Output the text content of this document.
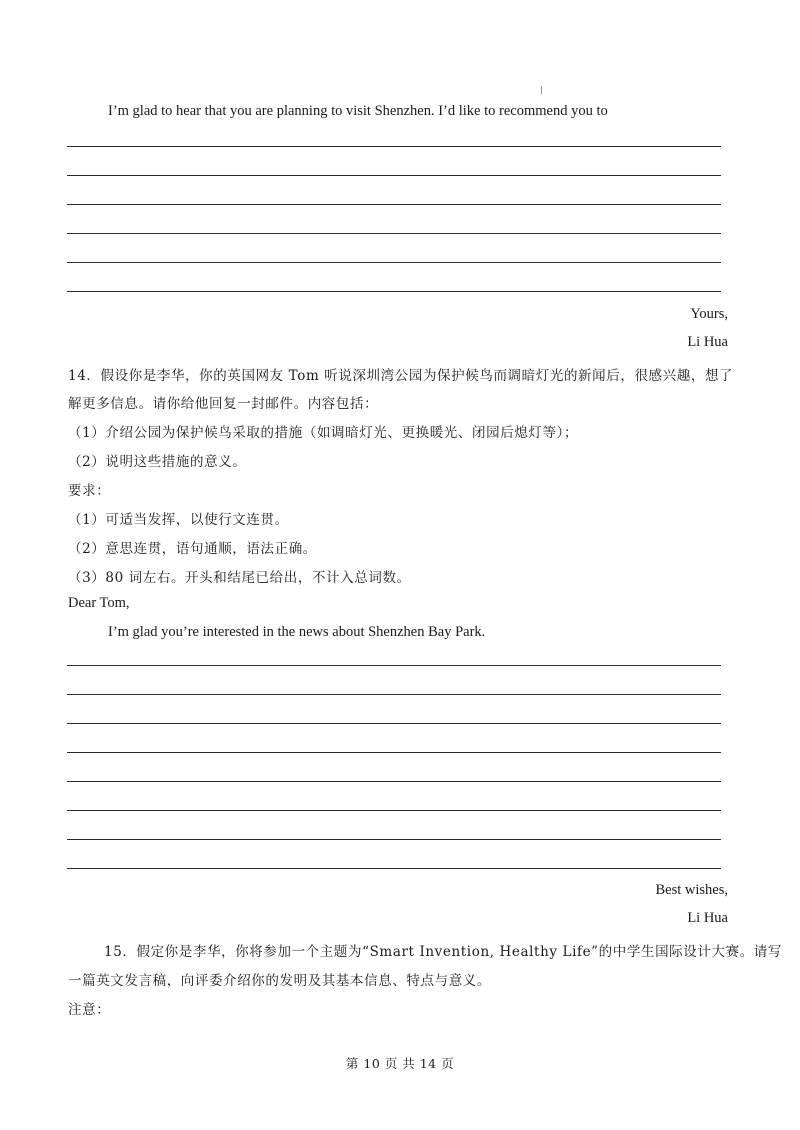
I’m glad to hear that you are planning to visit Shenzhen. I’d like to recommend you to
Yours,
Li Hua
14．假设你是李华，你的英国网友 Tom 听说深圳湾公园为保护候鸟而调暗灯光的新闻后，很感兴趣，想了
解更多信息。请你给他回复一封邮件。内容包括：
（1）介绍公园为保护候鸟采取的措施（如调暗灯光、更换暖光、闭园后熄灯等）；
（2）说明这些措施的意义。
要求：
（1）可适当发挥，以使行文连贯。
（2）意思连贯，语句通顺，语法正确。
（3）80 词左右。开头和结尾已给出，不计入总词数。
Dear Tom,
I’m glad you’re interested in the news about Shenzhen Bay Park.
Best wishes,
Li Hua
15．假定你是李华，你将参加一个主题为“Smart Invention, Healthy Life”的中学生国际设计大赛。请写
一篇英文发言稿，向评委介绍你的发明及其基本信息、特点与意义。
注意：
第 10 页 共 14 页
